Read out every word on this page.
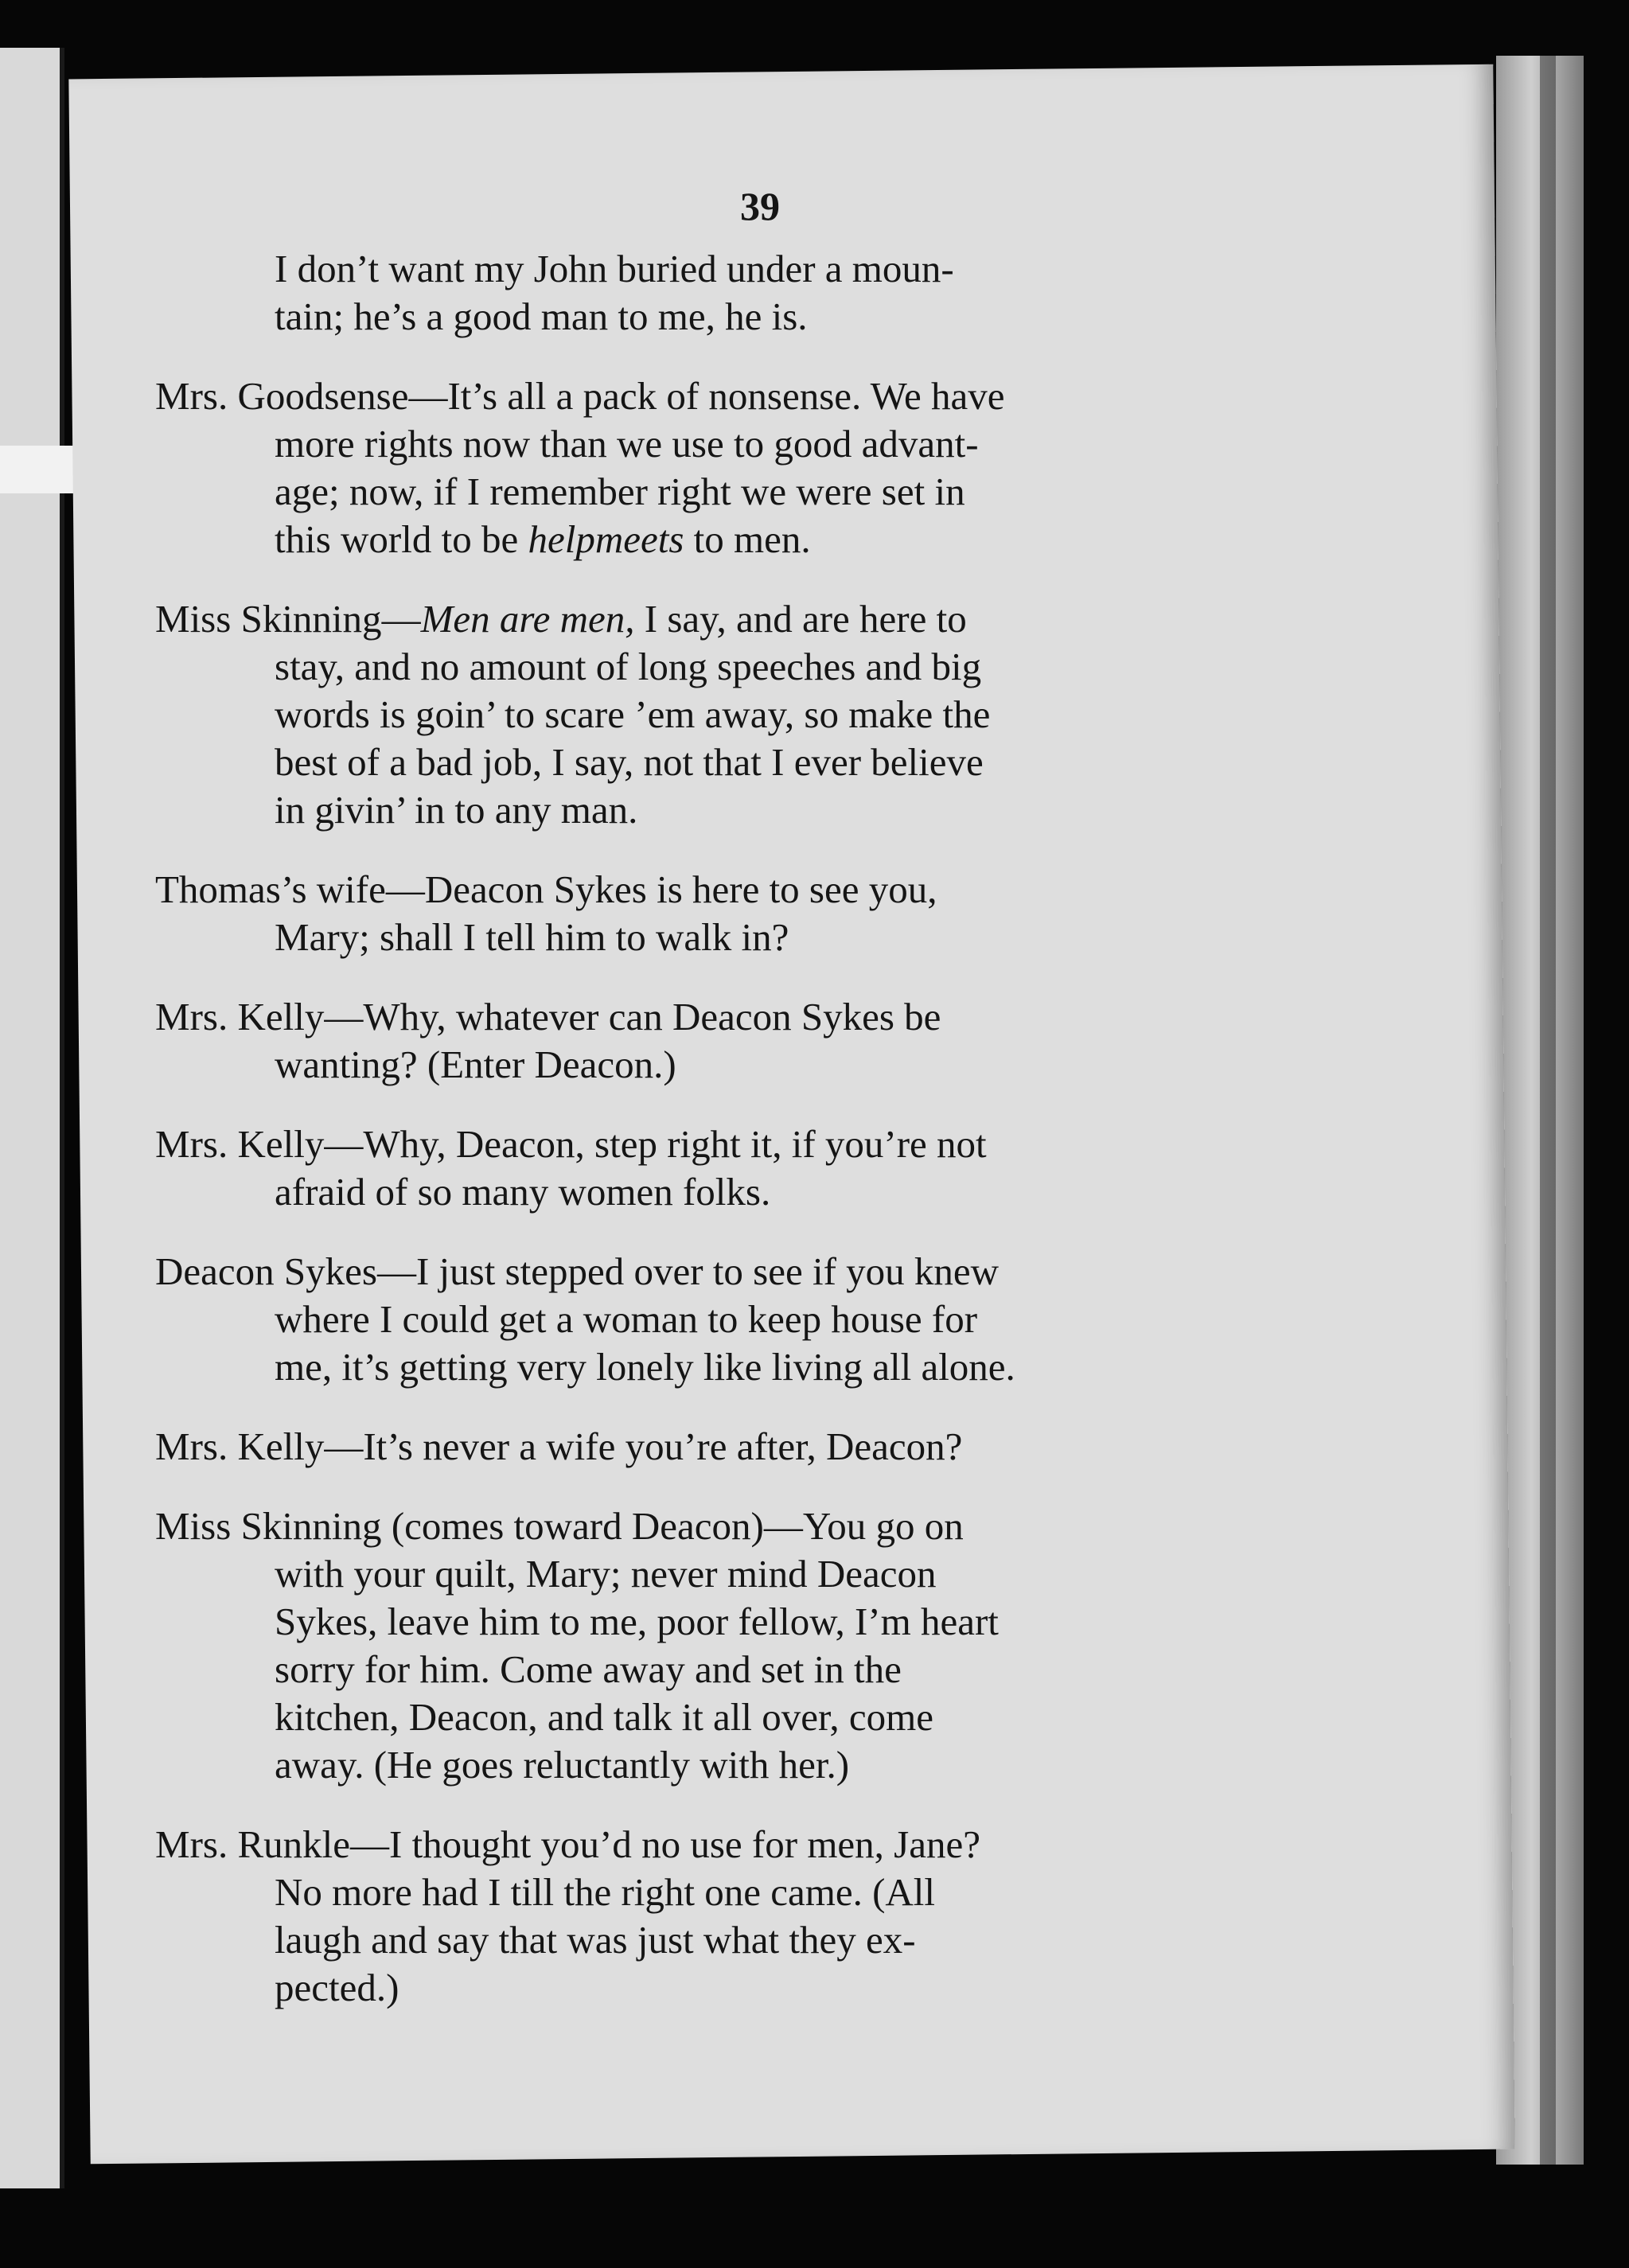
39
I don’t want my John buried under a moun-
tain; he’s a good man to me, he is.
Mrs. Goodsense—It’s all a pack of nonsense. We have
more rights now than we use to good advant-
age; now, if I remember right we were set in
this world to be helpmeets to men.
Miss Skinning—Men are men, I say, and are here to
stay, and no amount of long speeches and big
words is goin’ to scare ’em away, so make the
best of a bad job, I say, not that I ever believe
in givin’ in to any man.
Thomas’s wife—Deacon Sykes is here to see you,
Mary; shall I tell him to walk in?
Mrs. Kelly—Why, whatever can Deacon Sykes be
wanting? (Enter Deacon.)
Mrs. Kelly—Why, Deacon, step right it, if you’re not
afraid of so many women folks.
Deacon Sykes—I just stepped over to see if you knew
where I could get a woman to keep house for
me, it’s getting very lonely like living all alone.
Mrs. Kelly—It’s never a wife you’re after, Deacon?
Miss Skinning (comes toward Deacon)—You go on
with your quilt, Mary; never mind Deacon
Sykes, leave him to me, poor fellow, I’m heart
sorry for him. Come away and set in the
kitchen, Deacon, and talk it all over, come
away. (He goes reluctantly with her.)
Mrs. Runkle—I thought you’d no use for men, Jane?
No more had I till the right one came. (All
laugh and say that was just what they ex-
pected.)
